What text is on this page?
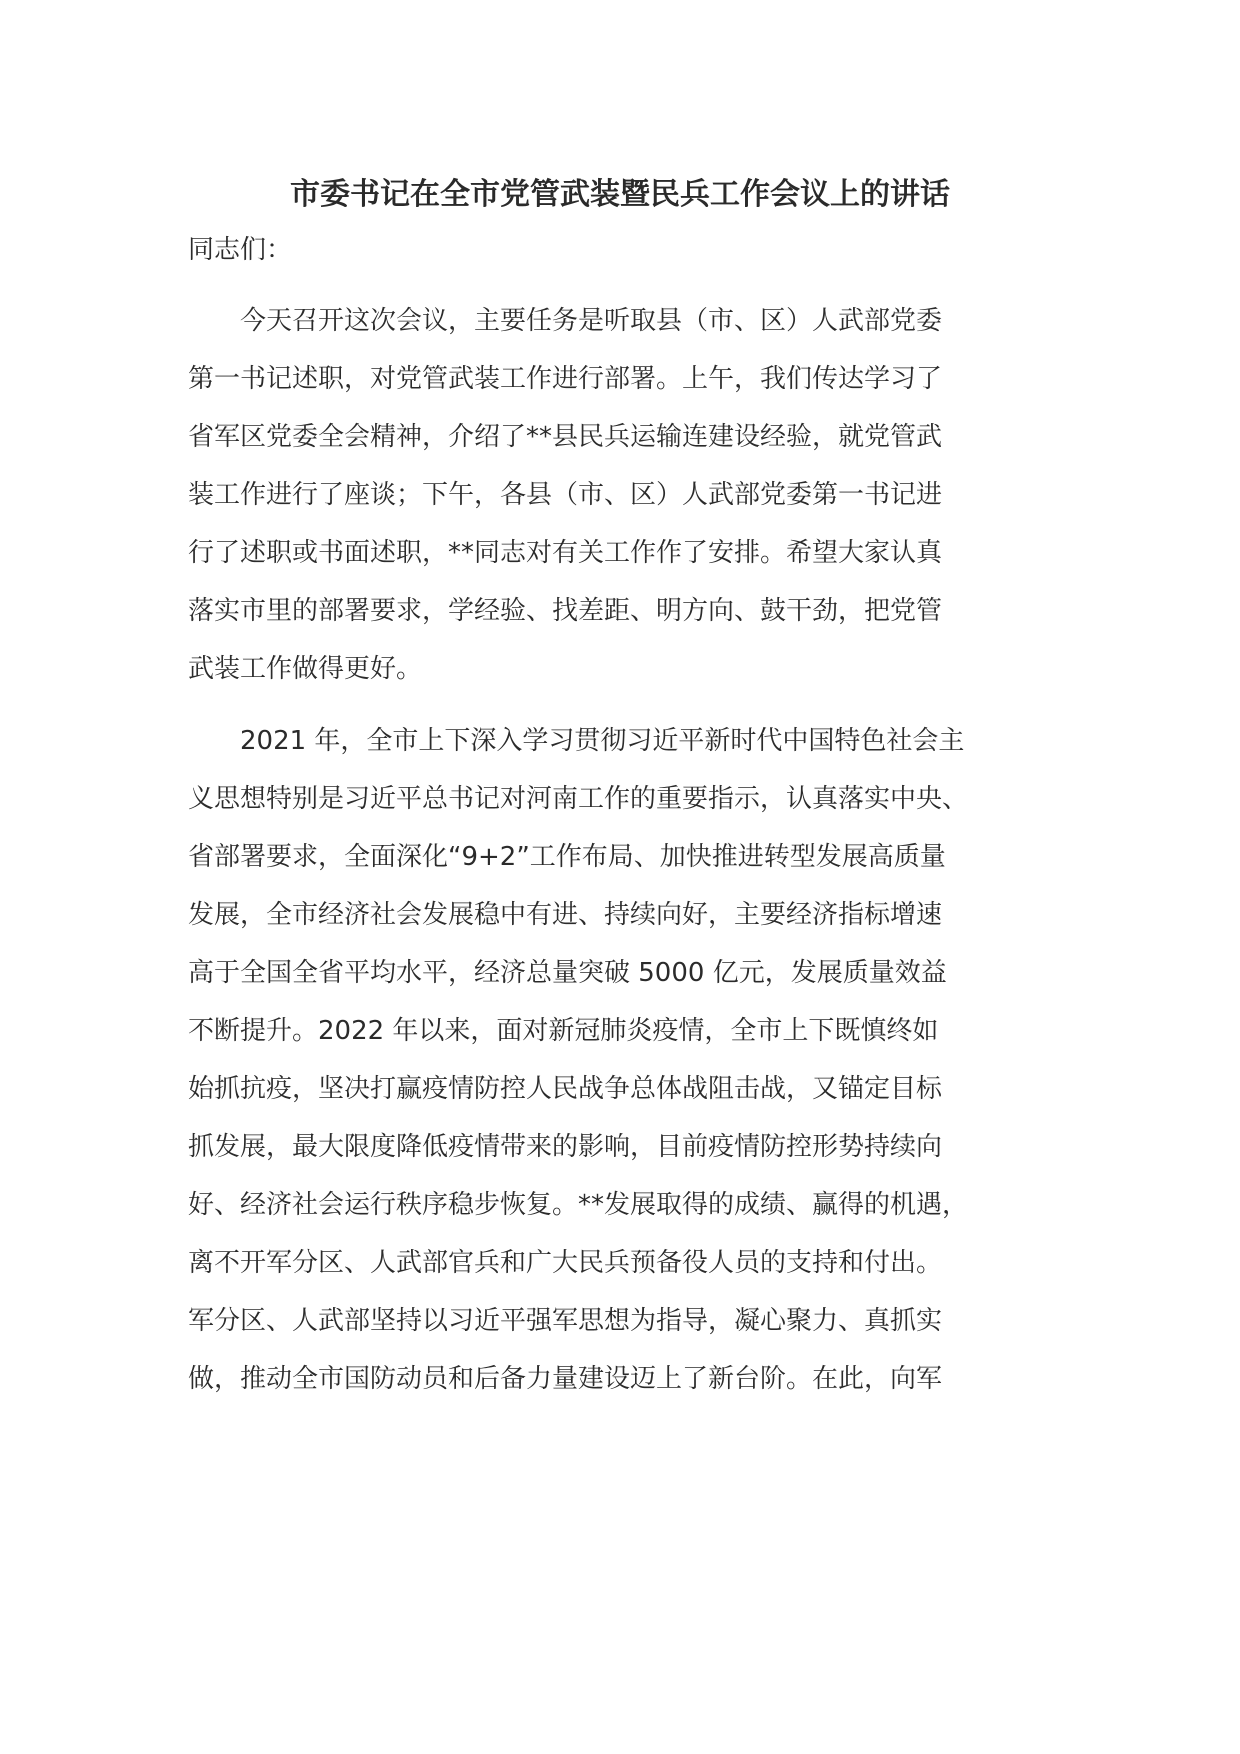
市委书记在全市党管武装暨民兵工作会议上的讲话

同志们：

今天召开这次会议，主要任务是听取县（市、区）人武部党委

第一书记述职，对党管武装工作进行部署。上午，我们传达学习了

省军区党委全会精神，介绍了**县民兵运输连建设经验，就党管武

装工作进行了座谈；下午，各县（市、区）人武部党委第一书记进

行了述职或书面述职，**同志对有关工作作了安排。希望大家认真

落实市里的部署要求，学经验、找差距、明方向、鼓干劲，把党管

武装工作做得更好。

2021 年，全市上下深入学习贯彻习近平新时代中国特色社会主

义思想特别是习近平总书记对河南工作的重要指示，认真落实中央、

省部署要求，全面深化“9+2”工作布局、加快推进转型发展高质量

发展，全市经济社会发展稳中有进、持续向好，主要经济指标增速

高于全国全省平均水平，经济总量突破 5000 亿元，发展质量效益

不断提升。2022 年以来，面对新冠肺炎疫情，全市上下既慎终如

始抓抗疫，坚决打赢疫情防控人民战争总体战阻击战，又锚定目标

抓发展，最大限度降低疫情带来的影响，目前疫情防控形势持续向

好、经济社会运行秩序稳步恢复。**发展取得的成绩、赢得的机遇，

离不开军分区、人武部官兵和广大民兵预备役人员的支持和付出。

军分区、人武部坚持以习近平强军思想为指导，凝心聚力、真抓实

做，推动全市国防动员和后备力量建设迈上了新台阶。在此，向军
